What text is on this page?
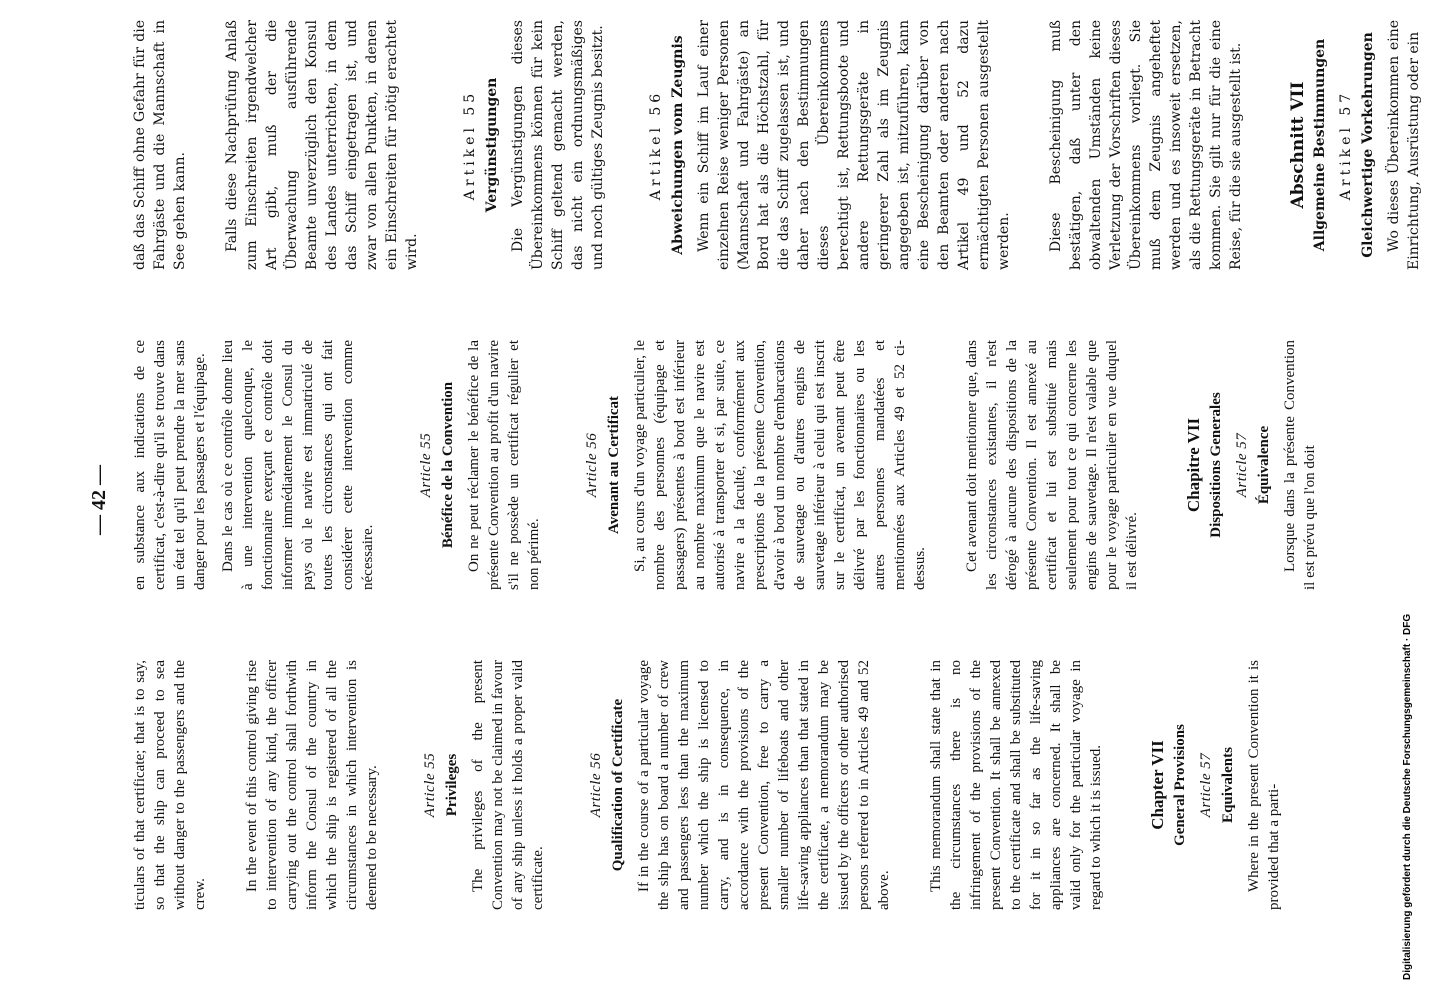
— 42 —

ticulars of that certificate; that is to say, so that the ship can proceed to sea without danger to the passengers and the crew.

In the event of this control giving rise to intervention of any kind, the officer carrying out the control shall forthwith inform the Consul of the country in which the ship is registered of all the circumstances in which intervention is deemed to be necessary.	Article 55 Privileges The privileges of the present Convention may not be claimed in favour of any ship unless it holds a proper valid certificate.

Article 56 Qualification of Certificate If in the course of a particular voyage the ship has on board a number of crew and passengers less than the maximum number which the ship is licensed to carry, and is in consequence, in accordance with the provisions of the present Convention, free to carry a smaller number of lifeboats and other life-saving appliances than that stated in the certificate, a memorandum may be issued by the officers or other authorised persons referred to in Articles 49 and 52 above. This memorandum shall state that in the circumstances there is no infringement of the provisions of the present Convention. It shall be annexed to the certificate and shall be substituted for it in so far as the life-saving appliances are concerned. It shall be valid only for the particular voyage in regard to which it is issued.	Chapter VII General Provisions Article 57 Equivalents Where in the present Convention it is provided that a parti-

en substance aux indications de ce certificat, c'est-à-dire qu'il se trouve dans un état tel qu'il peut prendre la mer sans danger pour les passagers et l'équipage. Dans le cas où ce contrôle donne lieu à une intervention quelconque, le fonctionnaire exerçant ce contrôle doit informer immédiatement le Consul du pays où le navire est immatriculé de toutes les circonstances qui ont fait considérer cette intervention comme nécessaire.

Article 55 Bénéfice de la Convention On ne peut réclamer le bénéfice de la présente Convention au profit d'un navire s'il ne possède un certificat régulier et non périmé.

Article 56 Avenant au Certificat Si, au cours d'un voyage particulier, le nombre des personnes (équipage et passagers) présentes à bord est inférieur au nombre maximum que le navire est autorisé à transporter et si, par suite, ce navire a la faculté, conformément aux prescriptions de la présente Convention, d'avoir à bord un nombre d'embarcations de sauvetage ou d'autres engins de sauvetage inférieur à celui qui est inscrit sur le certificat, un avenant peut être délivré par les fonctionnaires ou les autres personnes mandatées et mentionnées aux Articles 49 et 52 ci-dessus. Cet avenant doit mentionner que, dans les circonstances existantes, il n'est dérogé à aucune des dispositions de la présente Convention. Il est annexé au certificat et lui est substitué mais seulement pour tout ce qui concerne les engins de sauvetage. Il n'est valable que pour le voyage particulier en vue duquel il est délivré.

Chapitre VII Dispositions Generales Article 57 Équivalence Lorsque dans la présente Convention il est prévu que l'on doit

daß das Schiff ohne Gefahr für die Fahrgäste und die Mannschaft in See gehen kann.	Falls diese Nachprüfung Anlaß zum Einschreiten irgendwelcher Art gibt, muß der die Überwachung ausführende Beamte unverzüglich den Konsul des Landes unterrichten, in dem das Schiff eingetragen ist, und zwar von allen Punkten, in denen ein Einschreiten für nötig erachtet wird.

Artikel 55 Vergünstigungen Die Vergünstigungen dieses Übereinkommens können für kein Schiff geltend gemacht werden, das nicht ein ordnungsmäßiges und noch gültiges Zeugnis besitzt.	Artikel 56 Abweichungen vom Zeugnis Wenn ein Schiff im Lauf einer einzelnen Reise weniger Personen (Mannschaft und Fahrgäste) an Bord hat als die Höchstzahl, für die das Schiff zugelassen ist, und daher nach den Bestimmungen dieses Übereinkommens berechtigt ist, Rettungsboote und andere Rettungsgeräte in geringerer Zahl als im Zeugnis angegeben ist, mitzuführen, kann eine Bescheinigung darüber von den Beamten oder anderen nach Artikel 49 und 52 dazu ermächtigten Personen ausgestellt werden.	Diese Bescheinigung muß bestätigen, daß unter den obwaltenden Umständen keine Verletzung der Vorschriften dieses Übereinkommens vorliegt. Sie muß dem Zeugnis angeheftet werden und es insoweit ersetzen, als die Rettungsgeräte in Betracht kommen. Sie gilt nur für die eine Reise, für die sie ausgestellt ist.	Abschnitt VII Allgemeine Bestimmungen Artikel 57 Gleichwertige Vorkehrungen Wo dieses Übereinkommen eine Einrichtung, Ausrüstung oder ein

Digitalisierung gefördert durch die Deutsche Forschungsgemeinschaft · DFG
